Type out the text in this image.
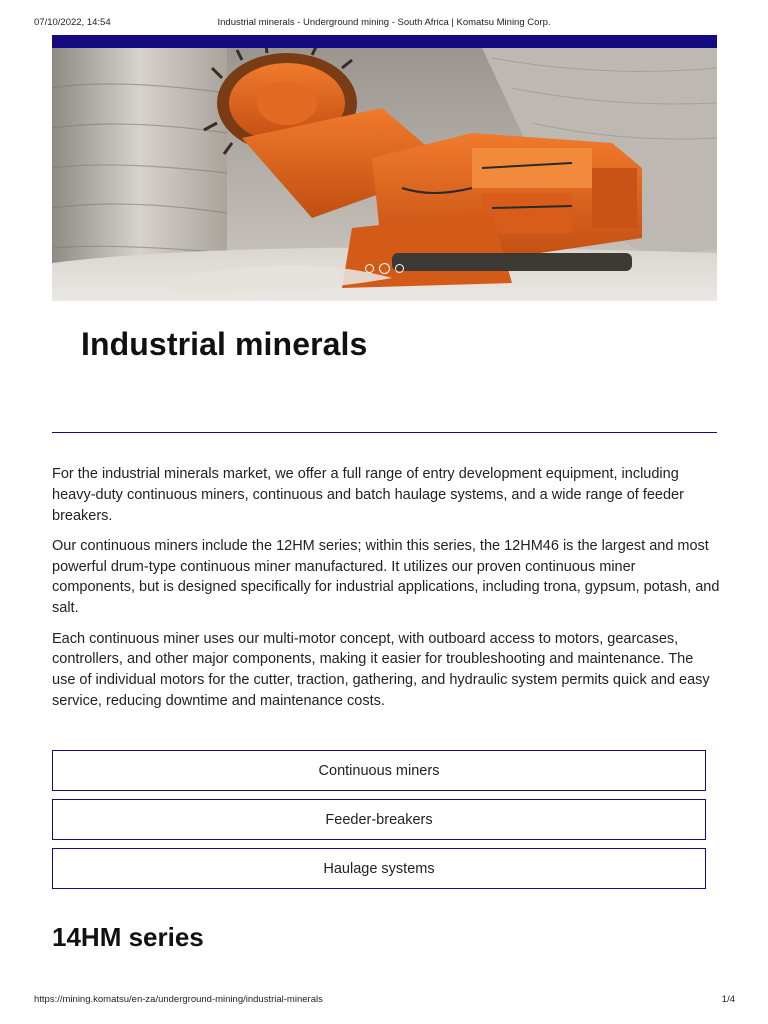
07/10/2022, 14:54	Industrial minerals - Underground mining - South Africa | Komatsu Mining Corp.
Industrial minerals

For the industrial minerals market, we offer a full range of entry development equipment, including heavy-duty continuous miners, continuous and batch haulage systems, and a wide range of feeder breakers.

Our continuous miners include the 12HM series; within this series, the 12HM46 is the largest and most powerful drum-type continuous miner manufactured. It utilizes our proven continuous miner components, but is designed specifically for industrial applications, including trona, gypsum, potash, and salt.

Each continuous miner uses our multi-motor concept, with outboard access to motors, gearcases, controllers, and other major components, making it easier for troubleshooting and maintenance. The use of individual motors for the cutter, traction, gathering, and hydraulic system permits quick and easy service, reducing downtime and maintenance costs.

Continuous miners
Feeder-breakers
Haulage systems
14HM series
https://mining.komatsu/en-za/underground-mining/industrial-minerals	1/4
